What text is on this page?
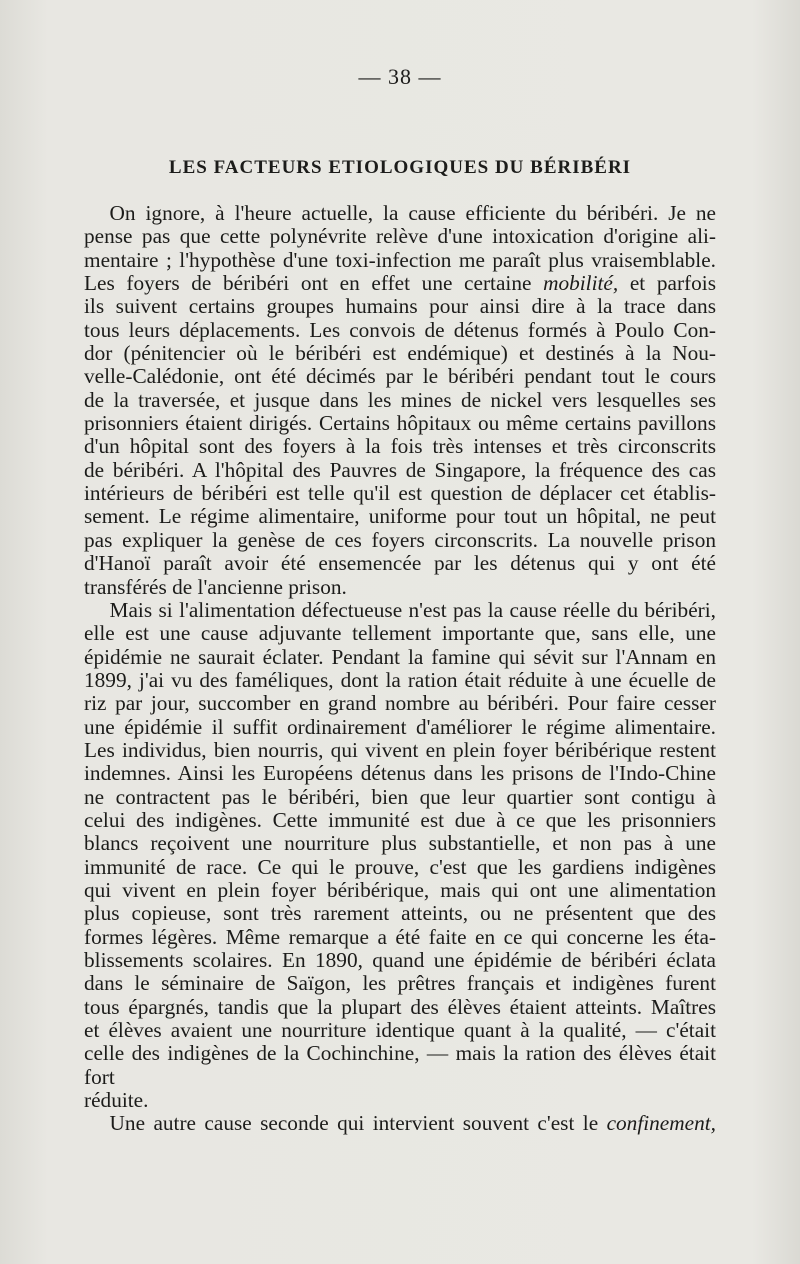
— 38 —
LES FACTEURS ETIOLOGIQUES DU BÉRIBÉRI
On ignore, à l'heure actuelle, la cause efficiente du béribéri. Je ne
pense pas que cette polynévrite relève d'une intoxication d'origine ali-
mentaire ; l'hypothèse d'une toxi-infection me paraît plus vraisemblable.
Les foyers de béribéri ont en effet une certaine mobilité, et parfois
ils suivent certains groupes humains pour ainsi dire à la trace dans
tous leurs déplacements. Les convois de détenus formés à Poulo Con-
dor (pénitencier où le béribéri est endémique) et destinés à la Nou-
velle-Calédonie, ont été décimés par le béribéri pendant tout le cours
de la traversée, et jusque dans les mines de nickel vers lesquelles ses
prisonniers étaient dirigés. Certains hôpitaux ou même certains pavillons
d'un hôpital sont des foyers à la fois très intenses et très circonscrits
de béribéri. A l'hôpital des Pauvres de Singapore, la fréquence des cas
intérieurs de béribéri est telle qu'il est question de déplacer cet établis-
sement. Le régime alimentaire, uniforme pour tout un hôpital, ne peut
pas expliquer la genèse de ces foyers circonscrits. La nouvelle prison
d'Hanoï paraît avoir été ensemencée par les détenus qui y ont été
transférés de l'ancienne prison.
Mais si l'alimentation défectueuse n'est pas la cause réelle du béribéri,
elle est une cause adjuvante tellement importante que, sans elle, une
épidémie ne saurait éclater. Pendant la famine qui sévit sur l'Annam en
1899, j'ai vu des faméliques, dont la ration était réduite à une écuelle de
riz par jour, succomber en grand nombre au béribéri. Pour faire cesser
une épidémie il suffit ordinairement d'améliorer le régime alimentaire.
Les individus, bien nourris, qui vivent en plein foyer béribérique restent
indemnes. Ainsi les Européens détenus dans les prisons de l'Indo-Chine
ne contractent pas le béribéri, bien que leur quartier sont contigu à
celui des indigènes. Cette immunité est due à ce que les prisonniers
blancs reçoivent une nourriture plus substantielle, et non pas à une
immunité de race. Ce qui le prouve, c'est que les gardiens indigènes
qui vivent en plein foyer béribérique, mais qui ont une alimentation
plus copieuse, sont très rarement atteints, ou ne présentent que des
formes légères. Même remarque a été faite en ce qui concerne les éta-
blissements scolaires. En 1890, quand une épidémie de béribéri éclata
dans le séminaire de Saïgon, les prêtres français et indigènes furent
tous épargnés, tandis que la plupart des élèves étaient atteints. Maîtres
et élèves avaient une nourriture identique quant à la qualité, — c'était
celle des indigènes de la Cochinchine, — mais la ration des élèves était fort
réduite.
Une autre cause seconde qui intervient souvent c'est le confinement,
